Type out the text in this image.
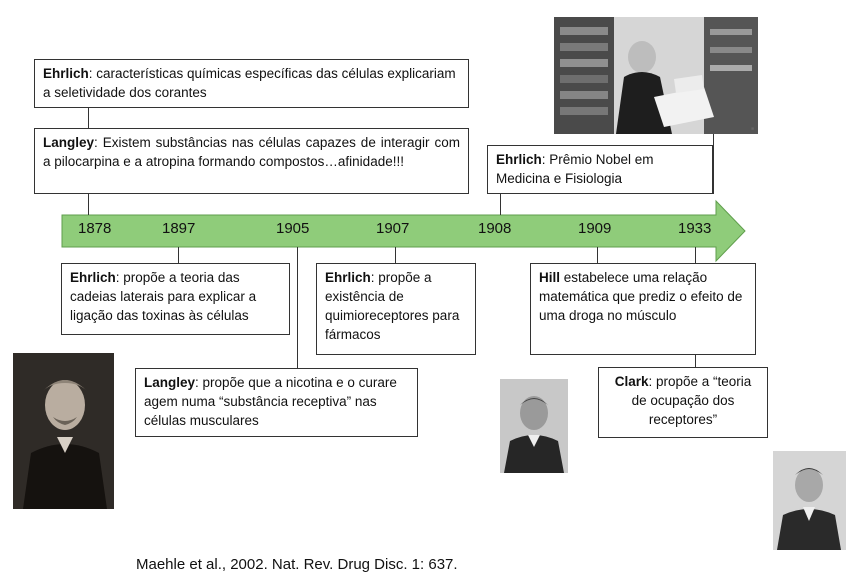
1878	1897	1905	1907	1908	1909	1933
Ehrlich: características químicas específicas das células explicariam a seletividade dos corantes
Langley: Existem substâncias nas células capazes de interagir com a pilocarpina e a atropina formando compostos…afinidade!!!	Ehrlich: Prêmio Nobel em Medicina e Fisiologia
Ehrlich: propõe a teoria das cadeias laterais para explicar a ligação das toxinas às células
Ehrlich: propõe a existência de quimioreceptores para fármacos
Hill estabelece uma relação matemática que prediz o efeito de uma droga no músculo
Langley: propõe que a nicotina e o curare agem numa “substância receptiva” nas células musculares
Clark: propõe a “teoria de ocupação dos receptores”
■
Maehle et al., 2002. Nat. Rev. Drug Disc. 1: 637.
